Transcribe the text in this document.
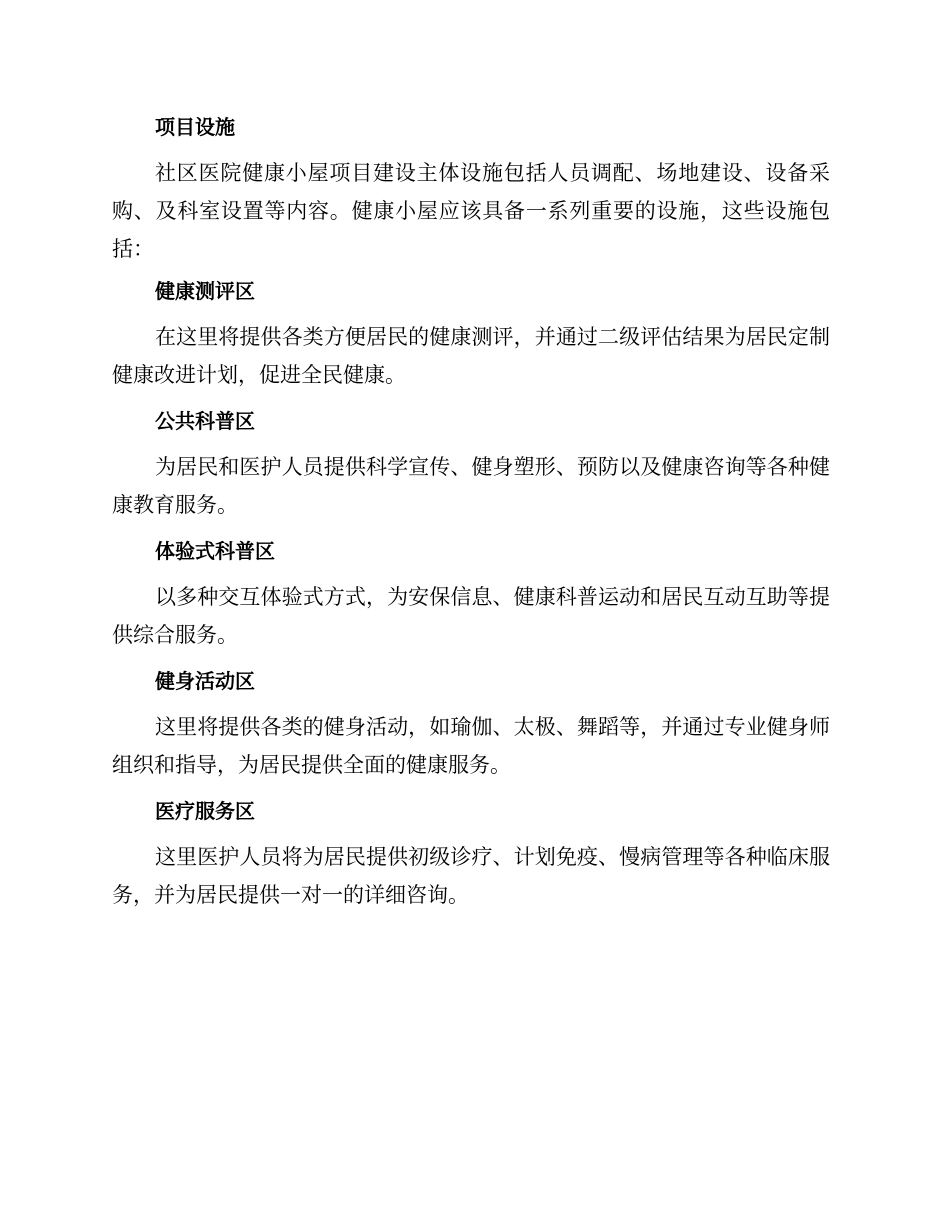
项目设施

社区医院健康小屋项目建设主体设施包括人员调配、场地建设、设备采购、及科室设置等内容。健康小屋应该具备一系列重要的设施，这些设施包括：

健康测评区

在这里将提供各类方便居民的健康测评，并通过二级评估结果为居民定制健康改进计划，促进全民健康。

公共科普区

为居民和医护人员提供科学宣传、健身塑形、预防以及健康咨询等各种健康教育服务。

体验式科普区

以多种交互体验式方式，为安保信息、健康科普运动和居民互动互助等提供综合服务。

健身活动区

这里将提供各类的健身活动，如瑜伽、太极、舞蹈等，并通过专业健身师组织和指导，为居民提供全面的健康服务。

医疗服务区

这里医护人员将为居民提供初级诊疗、计划免疫、慢病管理等各种临床服务，并为居民提供一对一的详细咨询。
